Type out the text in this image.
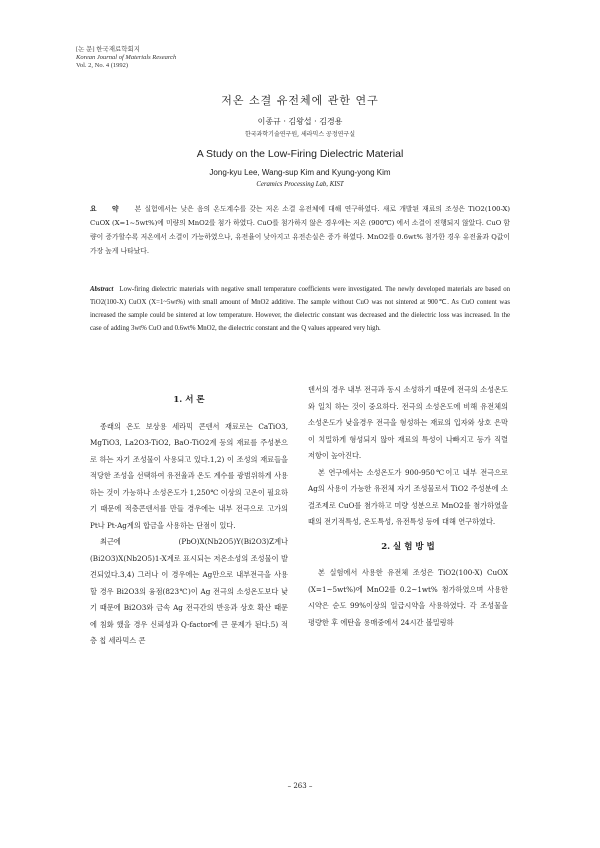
[논 문] 한국재료학회지
Korean Journal of Materials Research
Vol. 2, No. 4 (1992)
저온 소결 유전체에 관한 연구
이종규 · 김왕섭 · 김경용
한국과학기술연구원, 세라믹스 공정연구실
A Study on the Low-Firing Dielectric Material
Jong-kyu Lee, Wang-sup Kim and Kyung-yong Kim
Ceramics Processing Lab, KIST
요 약 본 실험에서는 낮은 음의 온도계수를 갖는 저온 소결 유전체에 대해 연구하였다. 새로 개발된 재료의 조성은 TiO2(100-X) CuOX (X=1~5wt%)에 미량의 MnO2를 첨가 하였다. CuO를 첨가하지 않은 경우에는 저온 (900℃) 에서 소결이 진행되지 않았다. CuO 함량이 증가할수록 저온에서 소결이 가능하였으나, 유전율이 낮아지고 유전손실은 증가 하였다. MnO2를 0.6wt% 첨가한 경우 유전율과 Q값이 가장 높게 나타났다.
Abstract Low-firing dielectric materials with negative small temperature coefficients were investigated. The newly developed materials are based on TiO2(100-X) CuOX (X=1~5wt%) with small amount of MnO2 additive. The sample without CuO was not sintered at 900℃. As CuO content was increased the sample could be sintered at low temperature. However, the dielectric constant was decreased and the dielectric loss was increased. In the case of adding 3wt% CuO and 0.6wt% MnO2, the dielectric constant and the Q values appeared very high.
1. 서 론

종래의 온도 보상용 세라믹 콘덴서 재료로는 CaTiO3, MgTiO3, La2O3-TiO2, BaO-TiO2계 등의 재료를 주성분으로 하는 자기 조성물이 사용되고 있다.1,2) 이 조성의 재료들을 적당한 조성을 선택하여 유전율과 온도 계수를 광범위하게 사용하는 것이 가능하나 소성온도가 1,250℃ 이상의 고온이 필요하기 때문에 적층콘덴서를 만들 경우에는 내부 전극으로 고가의 Pt나 Pt-Ag계의 합금을 사용하는 단점이 있다.

최근에 (PbO)X(Nb2O5)Y(Bi2O3)Z계나 (Bi2O3)X(Nb2O5)1-X계로 표시되는 저온소성의 조성물이 발견되었다.3,4) 그러나 이 경우에는 Ag만으로 내부전극을 사용할 경우 Bi2O3의 융점(823℃)이 Ag 전극의 소성온도보다 낮기 때문에 Bi2O3와 금속 Ag 전극간의 반응과 상호 확산 때문에 침화 했을 경우 신뢰성과 Q-factor에 큰 문제가 된다.5) 적층 칩 세라믹스 콘

덴서의 경우 내부 전극과 동시 소성하기 때문에 전극의 소성온도와 일치 하는 것이 중요하다. 전극의 소성온도에 비해 유전체의 소성온도가 낮을경우 전극을 형성하는 재료의 입자와 상호 은막이 치밀하게 형성되지 않아 재료의 특성이 나빠지고 등가 직렬 저항이 높아진다.

본 연구에서는 소성온도가 900-950℃이고 내부 전극으로 Ag의 사용이 가능한 유전체 자기 조성물로서 TiO2 주성분에 소결조제로 CuO를 첨가하고 미량 성분으로 MnO2를 첨가하였을때의 전기적특성, 온도특성, 유전특성 등에 대해 연구하였다.

2. 실 험 방 법

본 실험에서 사용한 유전체 조성은 TiO2(100-X) CuOX (X=1~5wt%)에 MnO2를 0.2~1wt% 첨가하였으며 사용한 시약은 순도 99%이상의 일급시약을 사용하였다. 각 조성물을 평량한 후 에탄올 용매중에서 24시간 볼밀링하

– 263 –
